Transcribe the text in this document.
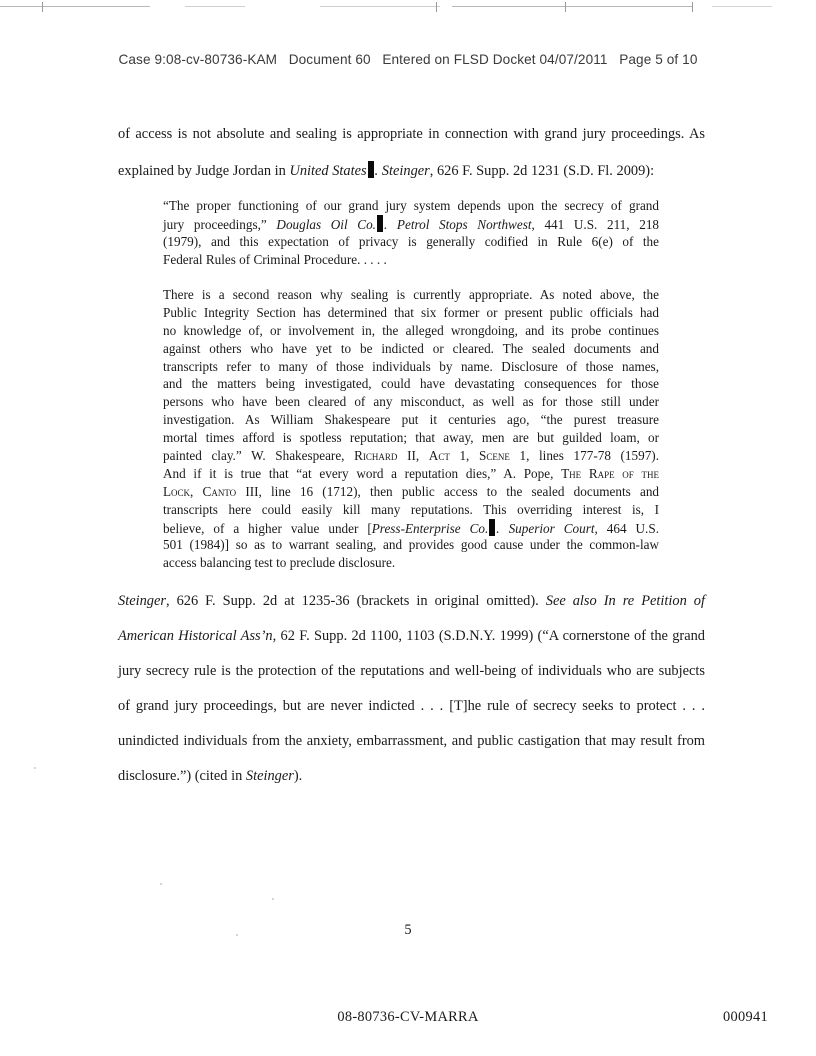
Case 9:08-cv-80736-KAM Document 60 Entered on FLSD Docket 04/07/2011 Page 5 of 10
of access is not absolute and sealing is appropriate in connection with grand jury proceedings. As
explained by Judge Jordan in United States . Steinger, 626 F. Supp. 2d 1231 (S.D. Fl. 2009):
“The proper functioning of our grand jury system depends upon the secrecy of grand
jury proceedings,” Douglas Oil Co. . Petrol Stops Northwest, 441 U.S. 211, 218
(1979), and this expectation of privacy is generally codified in Rule 6(e) of the
Federal Rules of Criminal Procedure. . . . .
There is a second reason why sealing is currently appropriate. As noted above, the
Public Integrity Section has determined that six former or present public officials had
no knowledge of, or involvement in, the alleged wrongdoing, and its probe continues
against others who have yet to be indicted or cleared. The sealed documents and
transcripts refer to many of those individuals by name. Disclosure of those names,
and the matters being investigated, could have devastating consequences for those
persons who have been cleared of any misconduct, as well as for those still under
investigation. As William Shakespeare put it centuries ago, “the purest treasure
mortal times afford is spotless reputation; that away, men are but guilded loam, or
painted clay.” W. Shakespeare, Richard II, Act 1, Scene 1, lines 177-78 (1597).
And if it is true that “at every word a reputation dies,” A. Pope, The Rape of the
Lock, Canto III, line 16 (1712), then public access to the sealed documents and
transcripts here could easily kill many reputations. This overriding interest is, I
believe, of a higher value under [Press-Enterprise Co. . Superior Court, 464 U.S.
501 (1984)] so as to warrant sealing, and provides good cause under the common-law
access balancing test to preclude disclosure.
Steinger, 626 F. Supp. 2d at 1235-36 (brackets in original omitted). See also In re Petition of
American Historical Ass’n, 62 F. Supp. 2d 1100, 1103 (S.D.N.Y. 1999) (“A cornerstone of the grand
jury secrecy rule is the protection of the reputations and well-being of individuals who are subjects
of grand jury proceedings, but are never indicted . . . [T]he rule of secrecy seeks to protect . . .
unindicted individuals from the anxiety, embarrassment, and public castigation that may result from
disclosure.”) (cited in Steinger).
5
08-80736-CV-MARRA	000941
